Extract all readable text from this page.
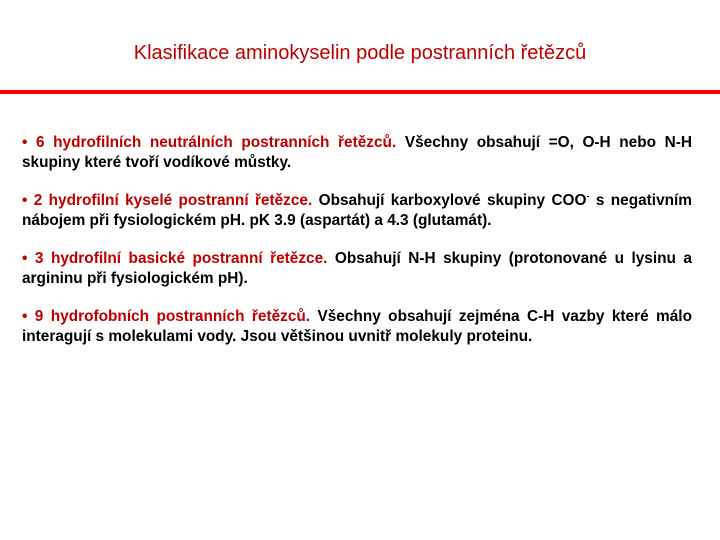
Klasifikace aminokyselin podle postranních řetězců

• 6 hydrofilních neutrálních postranních řetězců. Všechny obsahují =O, O-H nebo N-H skupiny které tvoří vodíkové můstky.

• 2 hydrofilní kyselé postranní řetězce. Obsahují karboxylové skupiny COO- s negativním nábojem při fysiologickém pH. pK 3.9 (aspartát) a 4.3 (glutamát).

• 3 hydrofilní basické postranní řetězce. Obsahují N-H skupiny (protonované u lysinu a argininu při fysiologickém pH).

• 9 hydrofobních postranních řetězců. Všechny obsahují zejména C-H vazby které málo interagují s molekulami vody. Jsou většinou uvnitř molekuly proteinu.
